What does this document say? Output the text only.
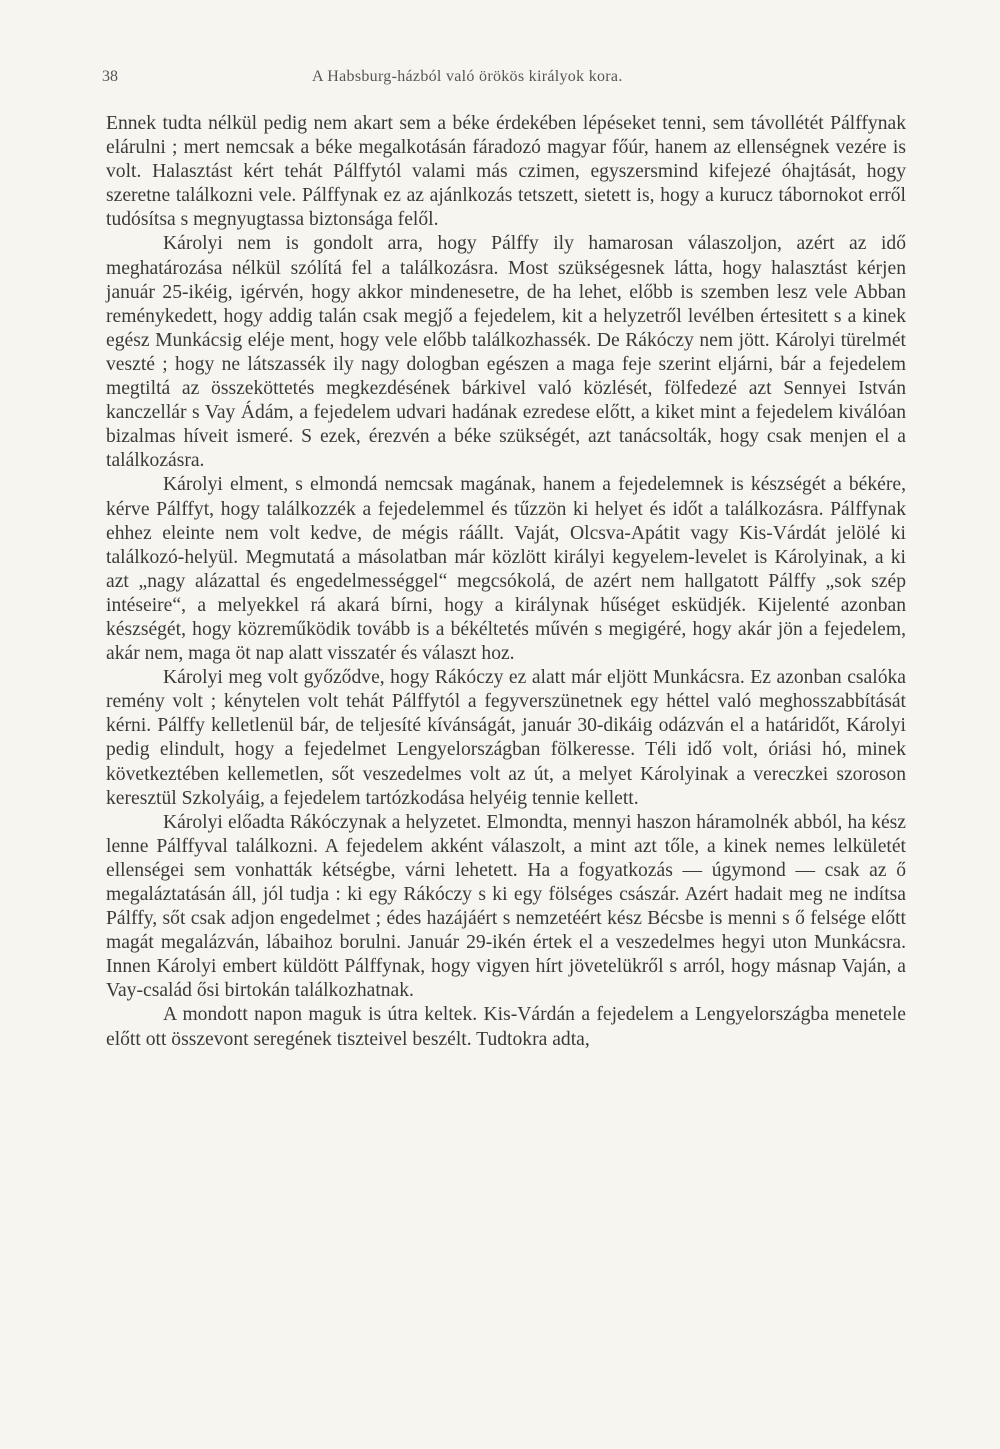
38	A Habsburg-házból való örökös királyok kora.

Ennek tudta nélkül pedig nem akart sem a béke érdekében lépéseket tenni, sem távollétét Pálffynak elárulni ; mert nemcsak a béke megalkotásán fáradozó magyar főúr, hanem az ellenségnek vezére is volt. Halasztást kért tehát Pálffytól valami más czimen, egyszersmind kifejezé óhajtását, hogy szeretne találkozni vele. Pálffynak ez az ajánlkozás tetszett, sietett is, hogy a kurucz tábornokot erről tudósítsa s megnyugtassa biztonsága felől.

Károlyi nem is gondolt arra, hogy Pálffy ily hamarosan válaszoljon, azért az idő meghatározása nélkül szólítá fel a találkozásra. Most szükségesnek látta, hogy halasztást kérjen január 25-ikéig, igérvén, hogy akkor mindenesetre, de ha lehet, előbb is szemben lesz vele Abban reménykedett, hogy addig talán csak megjő a fejedelem, kit a helyzetről levélben értesitett s a kinek egész Munkácsig eléje ment, hogy vele előbb találkozhassék. De Rákóczy nem jött. Károlyi türelmét veszté ; hogy ne látszassék ily nagy dologban egészen a maga feje szerint eljárni, bár a fejedelem megtiltá az összeköttetés megkezdésének bárkivel való közlését, fölfedezé azt Sennyei István kanczellár s Vay Ádám, a fejedelem udvari hadának ezredese előtt, a kiket mint a fejedelem kiválóan bizalmas híveit ismeré. S ezek, érezvén a béke szükségét, azt tanácsolták, hogy csak menjen el a találkozásra.

Károlyi elment, s elmondá nemcsak magának, hanem a fejedelemnek is készségét a békére, kérve Pálffyt, hogy találkozzék a fejedelemmel és tűzzön ki helyet és időt a találkozásra. Pálffynak ehhez eleinte nem volt kedve, de mégis ráállt. Vaját, Olcsva-Apátit vagy Kis-Várdát jelölé ki találkozó-helyül. Megmutatá a másolatban már közlött királyi kegyelem-levelet is Károlyinak, a ki azt „nagy alázattal és engedelmességgel“ megcsókolá, de azért nem hallgatott Pálffy „sok szép intéseire“, a melyekkel rá akará bírni, hogy a királynak hűséget esküdjék. Kijelenté azonban készségét, hogy közreműködik tovább is a békéltetés művén s megigéré, hogy akár jön a fejedelem, akár nem, maga öt nap alatt visszatér és választ hoz.

Károlyi meg volt győződve, hogy Rákóczy ez alatt már eljött Munkácsra. Ez azonban csalóka remény volt ; kénytelen volt tehát Pálffytól a fegyverszünetnek egy héttel való meghosszabbítását kérni. Pálffy kelletlenül bár, de teljesíté kívánságát, január 30-dikáig odázván el a határidőt, Károlyi pedig elindult, hogy a fejedelmet Lengyelországban fölkeresse. Téli idő volt, óriási hó, minek következtében kellemetlen, sőt veszedelmes volt az út, a melyet Károlyinak a vereczkei szoroson keresztül Szkolyáig, a fejedelem tartózkodása helyéig tennie kellett.

Károlyi előadta Rákóczynak a helyzetet. Elmondta, mennyi haszon háramolnék abból, ha kész lenne Pálffyval találkozni. A fejedelem akként válaszolt, a mint azt tőle, a kinek nemes lelkületét ellenségei sem vonhatták kétségbe, várni lehetett. Ha a fogyatkozás — úgymond — csak az ő megaláztatásán áll, jól tudja : ki egy Rákóczy s ki egy fölséges császár. Azért hadait meg ne indítsa Pálffy, sőt csak adjon engedelmet ; édes hazájáért s nemzetéért kész Bécsbe is menni s ő felsége előtt magát megalázván, lábaihoz borulni. Január 29-ikén értek el a veszedelmes hegyi uton Munkácsra. Innen Károlyi embert küldött Pálffynak, hogy vigyen hírt jövetelükről s arról, hogy másnap Vaján, a Vay-család ősi birtokán találkozhatnak.

A mondott napon maguk is útra keltek. Kis-Várdán a fejedelem a Lengyelországba menetele előtt ott összevont seregének tiszteivel beszélt. Tudtokra adta,
